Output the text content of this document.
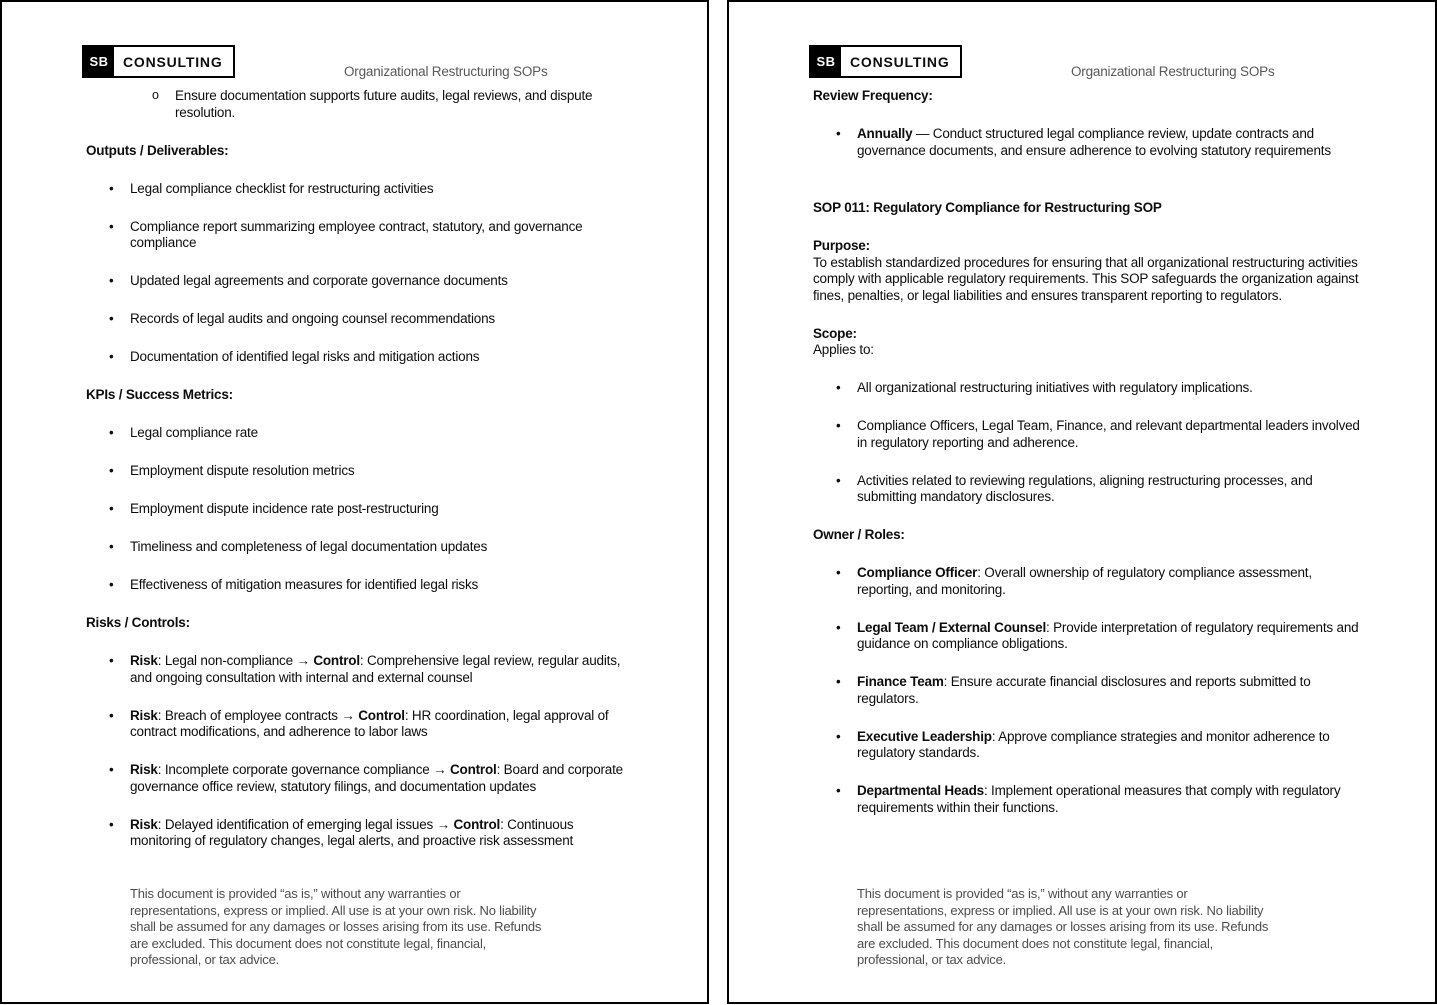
SB	CONSULTING
Organizational Restructuring SOPs
o Ensure documentation supports future audits, legal reviews, and dispute resolution.
Outputs / Deliverables:
• Legal compliance checklist for restructuring activities
• Compliance report summarizing employee contract, statutory, and governance compliance
• Updated legal agreements and corporate governance documents
• Records of legal audits and ongoing counsel recommendations
• Documentation of identified legal risks and mitigation actions
KPIs / Success Metrics:
• Legal compliance rate
• Employment dispute resolution metrics
• Employment dispute incidence rate post-restructuring
• Timeliness and completeness of legal documentation updates
• Effectiveness of mitigation measures for identified legal risks
Risks / Controls:
• Risk: Legal non-compliance → Control: Comprehensive legal review, regular audits, and ongoing consultation with internal and external counsel
• Risk: Breach of employee contracts → Control: HR coordination, legal approval of contract modifications, and adherence to labor laws
• Risk: Incomplete corporate governance compliance → Control: Board and corporate governance office review, statutory filings, and documentation updates
• Risk: Delayed identification of emerging legal issues → Control: Continuous monitoring of regulatory changes, legal alerts, and proactive risk assessment
This document is provided “as is,” without any warranties or
representations, express or implied. All use is at your own risk. No liability
shall be assumed for any damages or losses arising from its use. Refunds
are excluded. This document does not constitute legal, financial,
professional, or tax advice.
SB	CONSULTING
Organizational Restructuring SOPs
Review Frequency:
• Annually — Conduct structured legal compliance review, update contracts and governance documents, and ensure adherence to evolving statutory requirements
SOP 011: Regulatory Compliance for Restructuring SOP
Purpose:
To establish standardized procedures for ensuring that all organizational restructuring activities comply with applicable regulatory requirements. This SOP safeguards the organization against fines, penalties, or legal liabilities and ensures transparent reporting to regulators.
Scope:
Applies to:
• All organizational restructuring initiatives with regulatory implications.
• Compliance Officers, Legal Team, Finance, and relevant departmental leaders involved in regulatory reporting and adherence.
• Activities related to reviewing regulations, aligning restructuring processes, and submitting mandatory disclosures.
Owner / Roles:
• Compliance Officer: Overall ownership of regulatory compliance assessment, reporting, and monitoring.
• Legal Team / External Counsel: Provide interpretation of regulatory requirements and guidance on compliance obligations.
• Finance Team: Ensure accurate financial disclosures and reports submitted to regulators.
• Executive Leadership: Approve compliance strategies and monitor adherence to regulatory standards.
• Departmental Heads: Implement operational measures that comply with regulatory requirements within their functions.
This document is provided “as is,” without any warranties or
representations, express or implied. All use is at your own risk. No liability
shall be assumed for any damages or losses arising from its use. Refunds
are excluded. This document does not constitute legal, financial,
professional, or tax advice.
